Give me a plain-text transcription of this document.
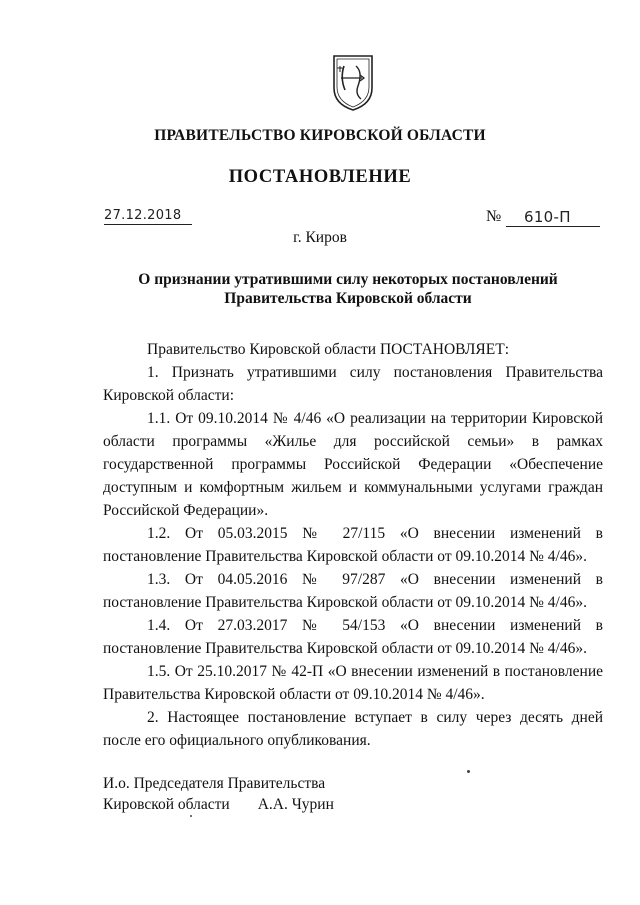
ПРАВИТЕЛЬСТВО КИРОВСКОЙ ОБЛАСТИ
ПОСТАНОВЛЕНИЕ
27.12.2018	№	610-П
г. Киров
О признании утратившими силу некоторых постановлений
Правительства Кировской области

Правительство Кировской области ПОСТАНОВЛЯЕТ:

1. Признать утратившими силу постановления Правительства Кировской области:

1.1. От 09.10.2014 № 4/46 «О реализации на территории Кировской области программы «Жилье для российской семьи» в рамках государственной программы Российской Федерации «Обеспечение доступным и комфортным жильем и коммунальными услугами граждан Российской Федерации».

1.2. От 05.03.2015 № 27/115 «О внесении изменений в постановление Правительства Кировской области от 09.10.2014 № 4/46».

1.3. От 04.05.2016 № 97/287 «О внесении изменений в постановление Правительства Кировской области от 09.10.2014 № 4/46».

1.4. От 27.03.2017 № 54/153 «О внесении изменений в постановление Правительства Кировской области от 09.10.2014 № 4/46».

1.5. От 25.10.2017 № 42-П «О внесении изменений в постановление Правительства Кировской области от 09.10.2014 № 4/46».

2. Настоящее постановление вступает в силу через десять дней после его официального опубликования.

И.о. Председателя Правительства
Кировской области А.А. Чурин
